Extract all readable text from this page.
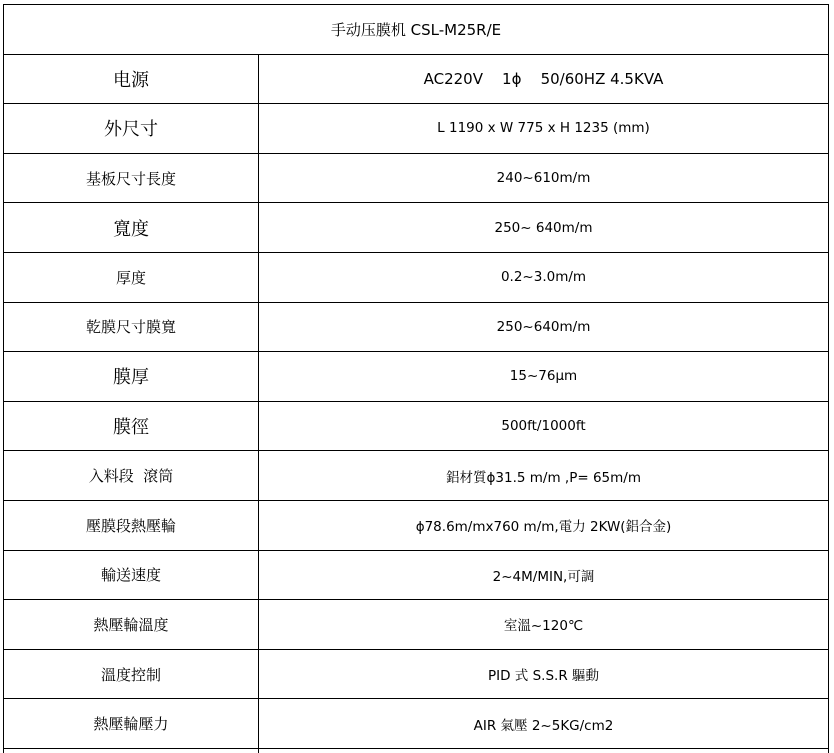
手动压膜机 CSL-M25R/E	
电源	AC220V    1ϕ    50/60HZ 4.5KVA
外尺寸	L 1190 x W 775 x H 1235 (mm)
基板尺寸長度	240~610m/m
寬度	250~ 640m/m
厚度	0.2~3.0m/m
乾膜尺寸膜寬	250~640m/m
膜厚	15~76μm
膜徑	500ft/1000ft
入料段  滾筒	鋁材質ϕ31.5 m/m ,P= 65m/m
壓膜段熱壓輪	ϕ78.6m/mx760 m/m,電力 2KW(鋁合金)
輸送速度	2~4M/MIN,可調
熱壓輪溫度	室溫~120℃
溫度控制	PID 式 S.S.R 驅動
熱壓輪壓力	AIR 氣壓 2~5KG/cm2
